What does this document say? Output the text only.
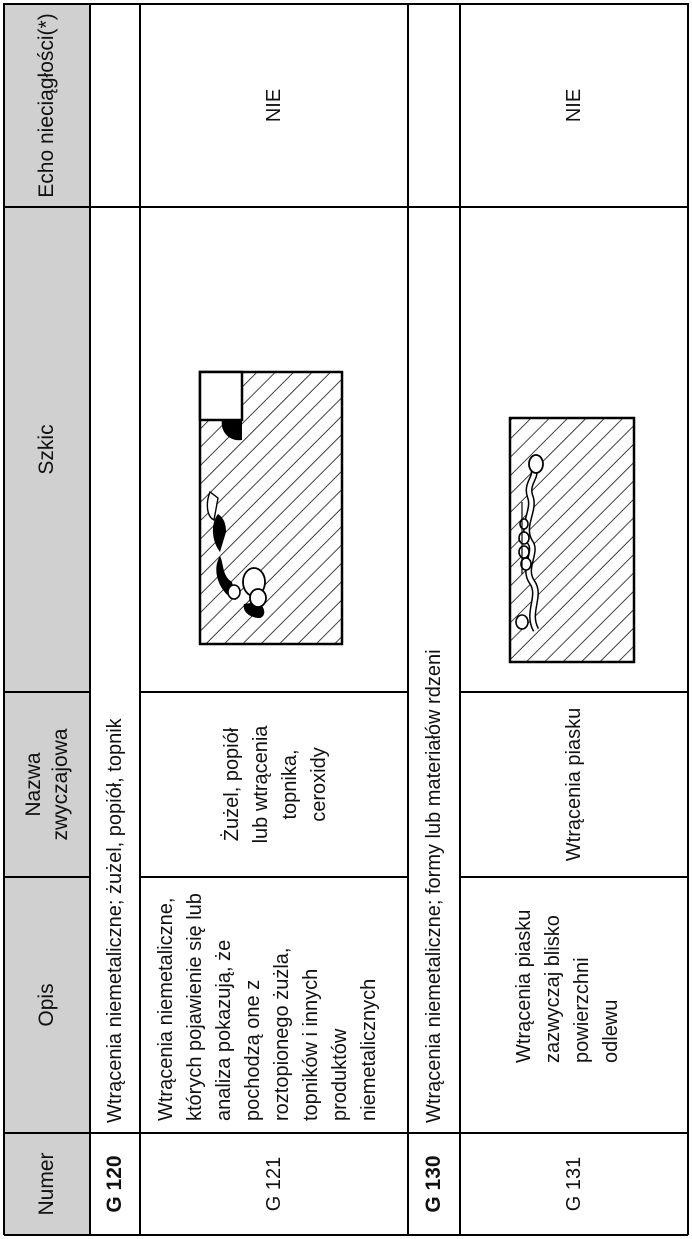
Numer
Opis
Nazwa zwyczajowa
Szkic
Echo nieciągłości(*)
G 120
Wtrącenia niemetaliczne; żużel, popiół, topnik
G 121
Wtrącenia niemetaliczne, których pojawienie się lub analiza pokazują, że pochodzą one z roztopionego żużla, topników i innych produktów niemetalicznych
Żużel, popiół lub wtrącenia topnika, ceroxidy
NIE
G 130
Wtrącenia niemetaliczne; formy lub materiałów rdzeni
G 131
Wtrącenia piasku zazwyczaj blisko powierzchni odlewu
Wtrącenia piasku
NIE
